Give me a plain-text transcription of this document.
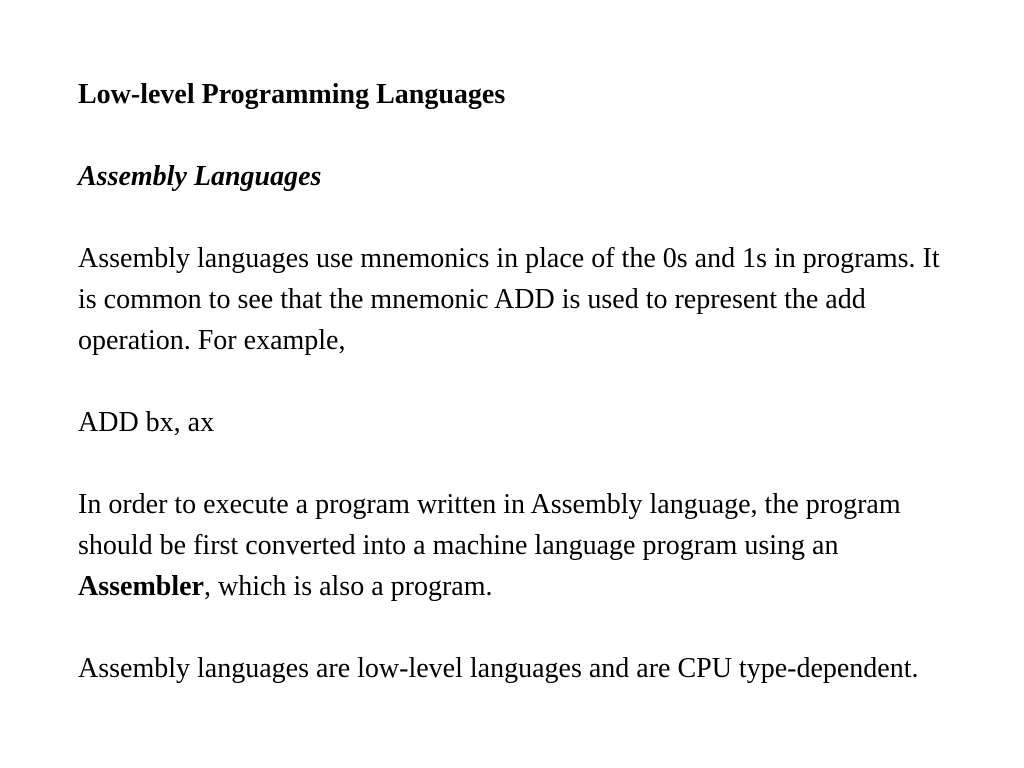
Low-level Programming Languages

Assembly Languages

Assembly languages use mnemonics in place of the 0s and 1s in programs. It is common to see that the mnemonic ADD is used to represent the add operation. For example,

ADD bx, ax

In order to execute a program written in Assembly language, the program should be first converted into a machine language program using an Assembler, which is also a program.

Assembly languages are low-level languages and are CPU type-dependent.
